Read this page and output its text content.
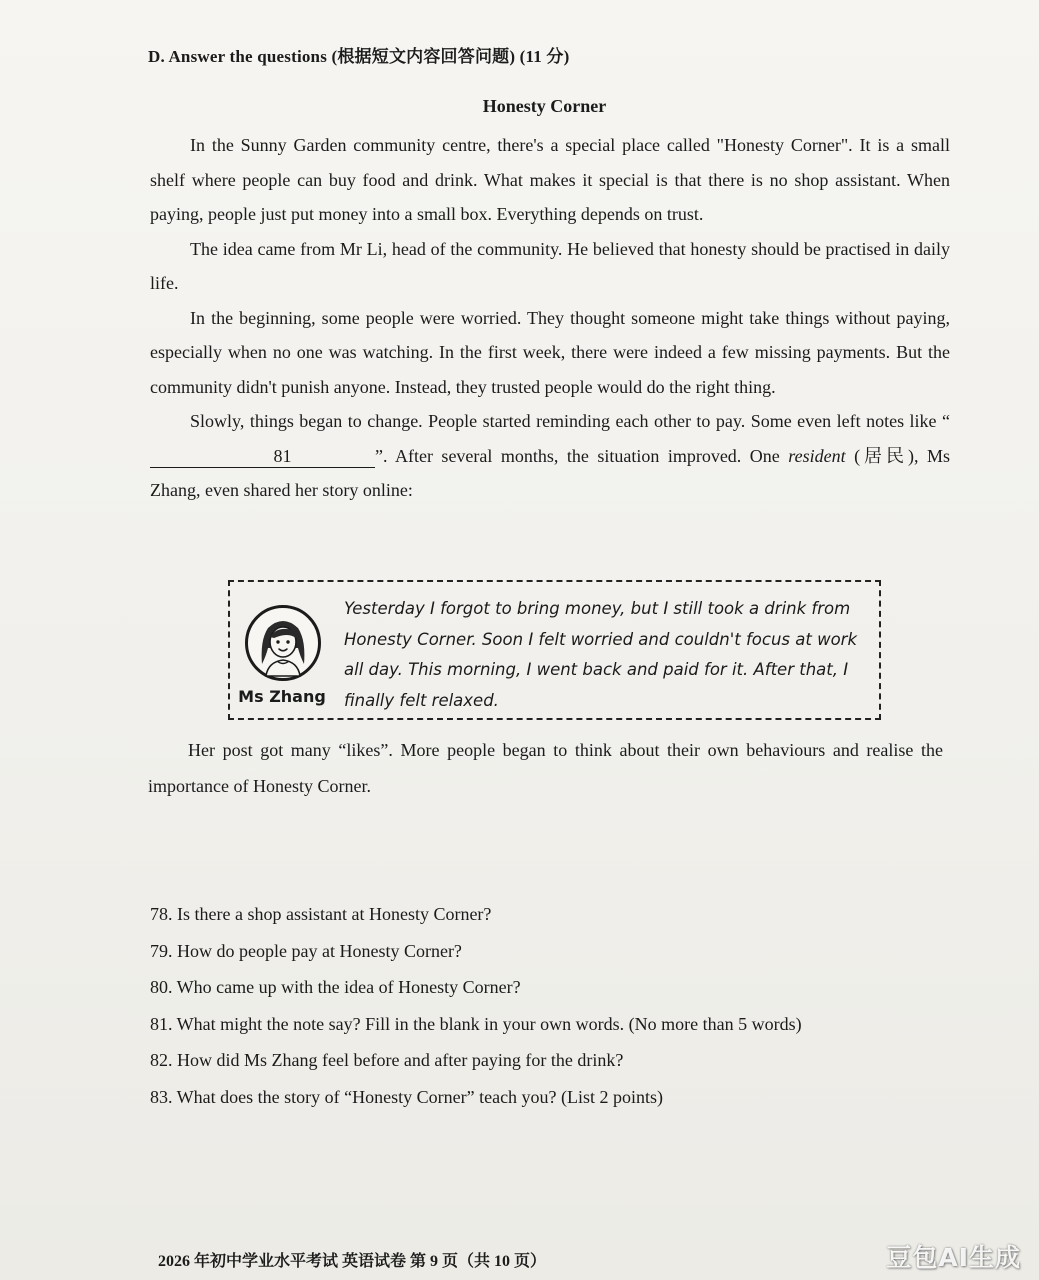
D. Answer the questions (根据短文内容回答问题) (11 分)
Honesty Corner

In the Sunny Garden community centre, there's a special place called "Honesty Corner". It is a small shelf where people can buy food and drink. What makes it special is that there is no shop assistant. When paying, people just put money into a small box. Everything depends on trust.

The idea came from Mr Li, head of the community. He believed that honesty should be practised in daily life.

In the beginning, some people were worried. They thought someone might take things without paying, especially when no one was watching. In the first week, there were indeed a few missing payments. But the community didn't punish anyone. Instead, they trusted people would do the right thing.

Slowly, things began to change. People started reminding each other to pay. Some even left notes like “81	”. After several months, the situation improved. One resident (居民), Ms Zhang, even shared her story online:

Ms Zhang
Yesterday I forgot to bring money, but I still took a drink from Honesty Corner. Soon I felt worried and couldn't focus at work all day. This morning, I went back and paid for it. After that, I finally felt relaxed.

Her post got many “likes”. More people began to think about their own behaviours and realise the importance of Honesty Corner.

78. Is there a shop assistant at Honesty Corner?
79. How do people pay at Honesty Corner?
80. Who came up with the idea of Honesty Corner?
81. What might the note say? Fill in the blank in your own words. (No more than 5 words)
82. How did Ms Zhang feel before and after paying for the drink?
83. What does the story of “Honesty Corner” teach you? (List 2 points)
2026 年初中学业水平考试 英语试卷 第 9 页（共 10 页）	豆包AI生成
